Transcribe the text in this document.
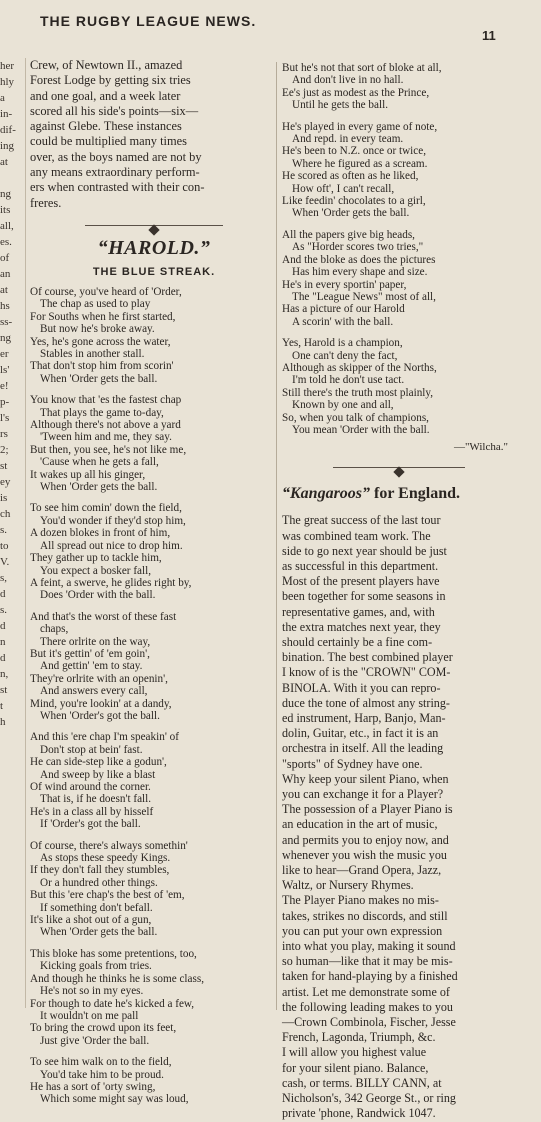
THE RUGBY LEAGUE NEWS.
11
her
hly
a
in-
dif-
ing
at
ng
its
all,
es.
of
an
at
hs
ss-
ng
er
ls'
e!
p-
l's
rs
2;
st
ey
is
ch
s.
to
V.
s,
d
s.
d
n
d
n,
st
t
h

Crew, of Newtown II., amazed
Forest Lodge by getting six tries
and one goal, and a week later
scored all his side's points—six—
against Glebe. These instances
could be multiplied many times
over, as the boys named are not by
any means extraordinary perform-
ers when contrasted with their con-
freres.

“HAROLD.”
THE BLUE STREAK.
Of course, you've heard of 'Order,
The chap as used to play
For Souths when he first started,
But now he's broke away.
Yes, he's gone across the water,
Stables in another stall.
That don't stop him from scorin'
When 'Order gets the ball.
You know that 'es the fastest chap
That plays the game to-day,
Although there's not above a yard
'Tween him and me, they say.
But then, you see, he's not like me,
'Cause when he gets a fall,
It wakes up all his ginger,
When 'Order gets the ball.
To see him comin' down the field,
You'd wonder if they'd stop him,
A dozen blokes in front of him,
All spread out nice to drop him.
They gather up to tackle him,
You expect a bosker fall,
A feint, a swerve, he glides right by,
Does 'Order with the ball.
And that's the worst of these fast
chaps,
There orlrite on the way,
But it's gettin' of 'em goin',
And gettin' 'em to stay.
They're orlrite with an openin',
And answers every call,
Mind, you're lookin' at a dandy,
When 'Order's got the ball.
And this 'ere chap I'm speakin' of
Don't stop at bein' fast.
He can side-step like a godun',
And sweep by like a blast
Of wind around the corner.
That is, if he doesn't fall.
He's in a class all by hisself
If 'Order's got the ball.
Of course, there's always somethin'
As stops these speedy Kings.
If they don't fall they stumbles,
Or a hundred other things.
But this 'ere chap's the best of 'em,
If something don't befall.
It's like a shot out of a gun,
When 'Order gets the ball.
This bloke has some pretentions, too,
Kicking goals from tries.
And though he thinks he is some class,
He's not so in my eyes.
For though to date he's kicked a few,
It wouldn't on me pall
To bring the crowd upon its feet,
Just give 'Order the ball.
To see him walk on to the field,
You'd take him to be proud.
He has a sort of 'orty swing,
Which some might say was loud,
But he's not that sort of bloke at all,
And don't live in no hall.
Ee's just as modest as the Prince,
Until he gets the ball.
He's played in every game of note,
And repd. in every team.
He's been to N.Z. once or twice,
Where he figured as a scream.
He scored as often as he liked,
How oft', I can't recall,
Like feedin' chocolates to a girl,
When 'Order gets the ball.
All the papers give big heads,
As "Horder scores two tries,"
And the bloke as does the pictures
Has him every shape and size.
He's in every sportin' paper,
The "League News" most of all,
Has a picture of our Harold
A scorin' with the ball.
Yes, Harold is a champion,
One can't deny the fact,
Although as skipper of the Norths,
I'm told he don't use tact.
Still there's the truth most plainly,
Known by one and all,
So, when you talk of champions,
You mean 'Order with the ball.
—"Wilcha."
“Kangaroos” for England.
The great success of the last tour
was combined team work. The
side to go next year should be just
as successful in this department.
Most of the present players have
been together for some seasons in
representative games, and, with
the extra matches next year, they
should certainly be a fine com-
bination. The best combined player
I know of is the "CROWN" COM-
BINOLA. With it you can repro-
duce the tone of almost any string-
ed instrument, Harp, Banjo, Man-
dolin, Guitar, etc., in fact it is an
orchestra in itself. All the leading
"sports" of Sydney have one.
Why keep your silent Piano, when
you can exchange it for a Player?
The possession of a Player Piano is
an education in the art of music,
and permits you to enjoy now, and
whenever you wish the music you
like to hear—Grand Opera, Jazz,
Waltz, or Nursery Rhymes.
The Player Piano makes no mis-
takes, strikes no discords, and still
you can put your own expression
into what you play, making it sound
so human—like that it may be mis-
taken for hand-playing by a finished
artist. Let me demonstrate some of
the following leading makes to you
—Crown Combinola, Fischer, Jesse
French, Lagonda, Triumph, &c.
I will allow you highest value
for your silent piano. Balance,
cash, or terms. BILLY CANN, at
Nicholson's, 342 George St., or ring
private 'phone, Randwick 1047.
